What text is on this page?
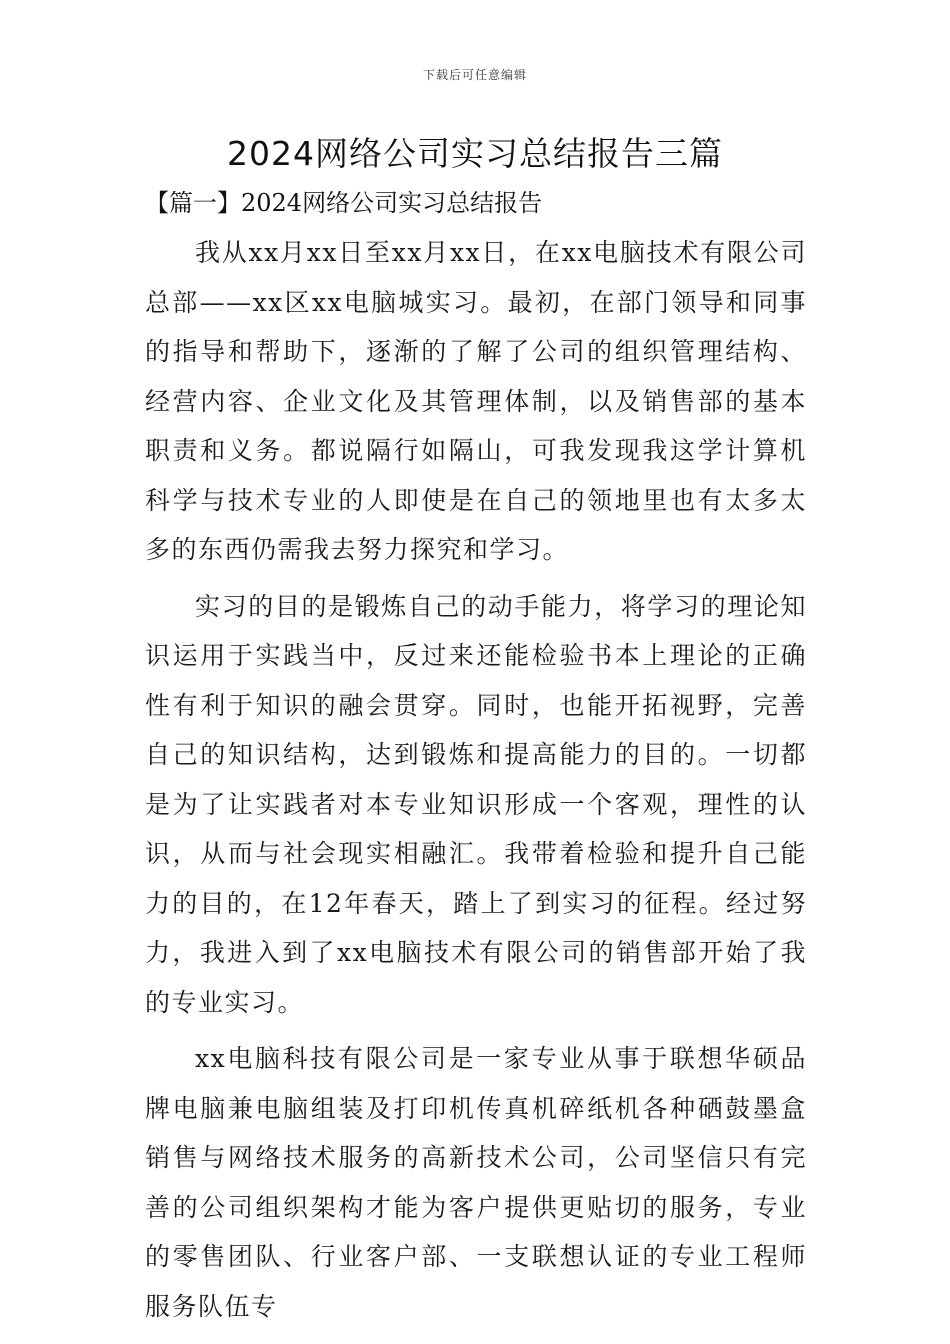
下载后可任意编辑
2024网络公司实习总结报告三篇
【篇一】2024网络公司实习总结报告

我从xx月xx日至xx月xx日，在xx电脑技术有限公司总部——xx区xx电脑城实习。最初，在部门领导和同事的指导和帮助下，逐渐的了解了公司的组织管理结构、经营内容、企业文化及其管理体制，以及销售部的基本职责和义务。都说隔行如隔山，可我发现我这学计算机科学与技术专业的人即使是在自己的领地里也有太多太多的东西仍需我去努力探究和学习。

实习的目的是锻炼自己的动手能力，将学习的理论知识运用于实践当中，反过来还能检验书本上理论的正确性有利于知识的融会贯穿。同时，也能开拓视野，完善自己的知识结构，达到锻炼和提高能力的目的。一切都是为了让实践者对本专业知识形成一个客观，理性的认识，从而与社会现实相融汇。我带着检验和提升自己能力的目的，在12年春天，踏上了到实习的征程。经过努力，我进入到了xx电脑技术有限公司的销售部开始了我的专业实习。

xx电脑科技有限公司是一家专业从事于联想华硕品牌电脑兼电脑组装及打印机传真机碎纸机各种硒鼓墨盒销售与网络技术服务的高新技术公司，公司坚信只有完善的公司组织架构才能为客户提供更贴切的服务，专业的零售团队、行业客户部、一支联想认证的专业工程师服务队伍专
